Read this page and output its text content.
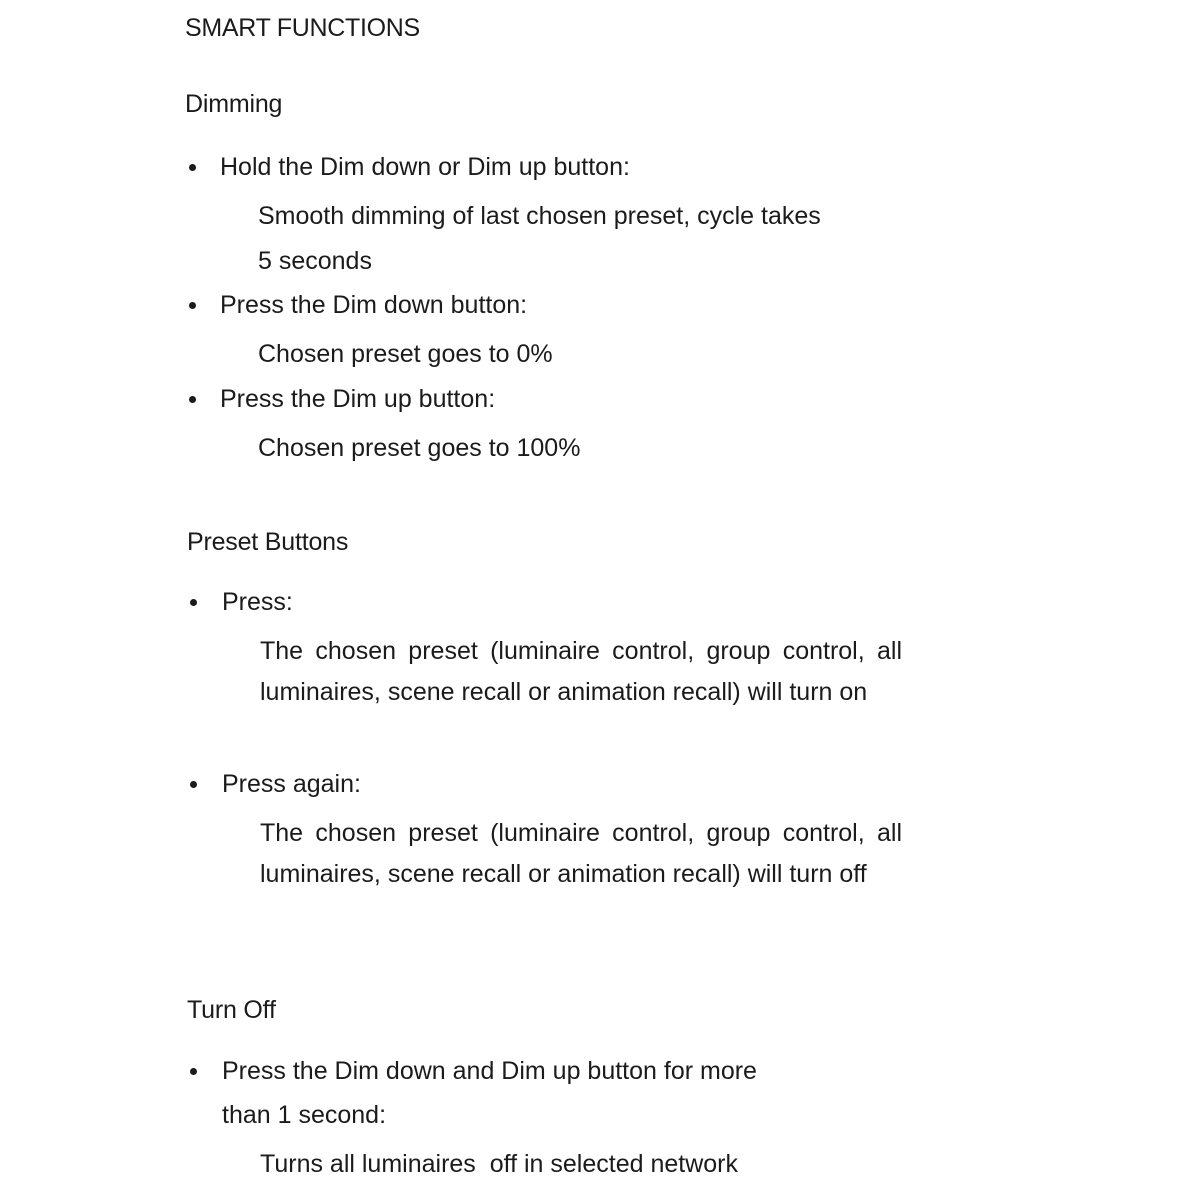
SMART FUNCTIONS
Dimming
Hold the Dim down or Dim up button:
Smooth dimming of last chosen preset, cycle takes
5 seconds
Press the Dim down button:
Chosen preset goes to 0%
Press the Dim up button:
Chosen preset goes to 100%
Preset Buttons
Press:
The chosen preset (luminaire control, group control, all luminaires, scene recall or animation recall) will turn on
Press again:
The chosen preset (luminaire control, group control, all luminaires, scene recall or animation recall) will turn off
Turn Off
Press the Dim down and Dim up button for more
than 1 second:
Turns all luminaires  off in selected network
